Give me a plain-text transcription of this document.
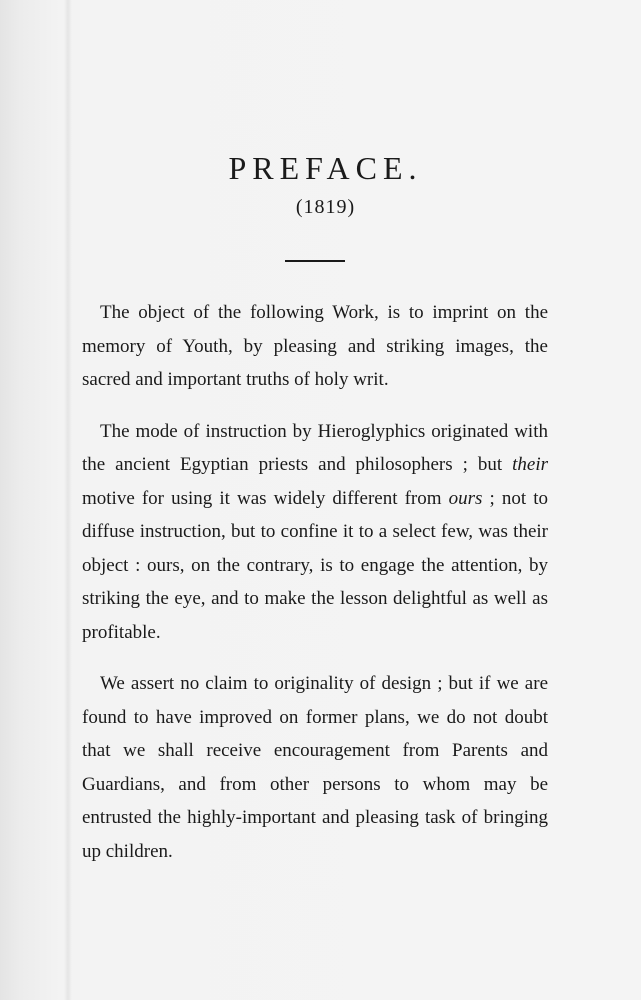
PREFACE.
(1819)

The object of the following Work, is to imprint on the memory of Youth, by pleasing and striking images, the sacred and important truths of holy writ.

The mode of instruction by Hieroglyphics originated with the ancient Egyptian priests and philosophers ; but their motive for using it was widely different from ours ; not to diffuse instruction, but to confine it to a select few, was their object : ours, on the contrary, is to engage the attention, by striking the eye, and to make the lesson delightful as well as profitable.

We assert no claim to originality of design ; but if we are found to have improved on former plans, we do not doubt that we shall receive encouragement from Parents and Guardians, and from other persons to whom may be entrusted the highly-important and pleasing task of bringing up children.
